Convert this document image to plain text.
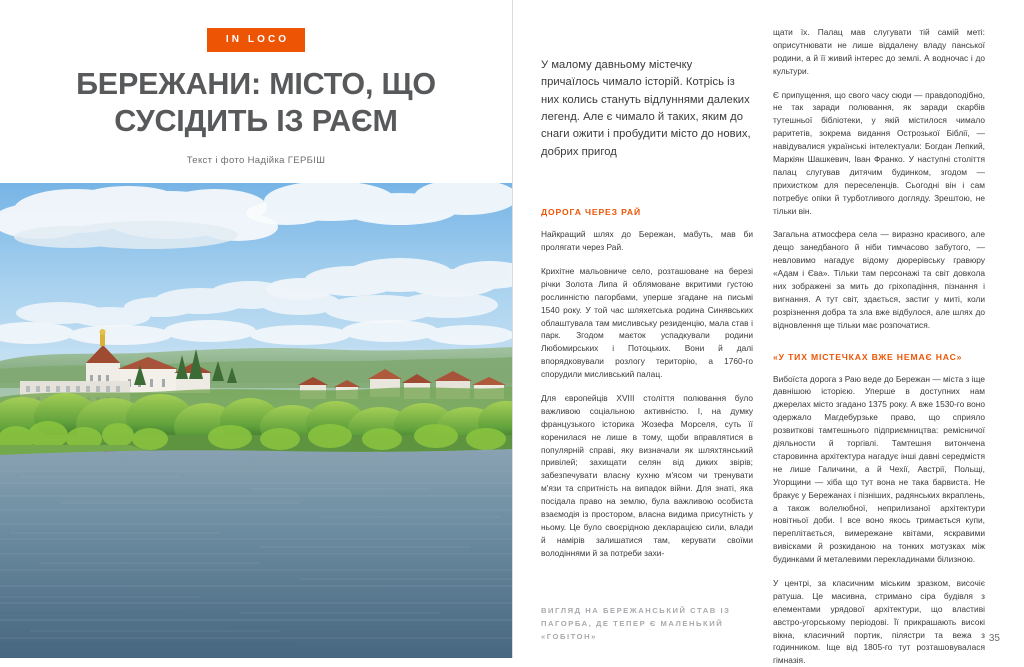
IN LOCO
БЕРЕЖАНИ: МІСТО, ЩО СУСІДИТЬ ІЗ РАЄМ
Текст і фото Надійка ГЕРБІШ
У малому давньому містечку причаїлось чимало історій. Котрісь із них колись стануть відлуннями далеких легенд. Але є чимало й таких, яким до снаги ожити і пробудити місто до нових, добрих пригод
ДОРОГА ЧЕРЕЗ РАЙ

Найкращий шлях до Бережан, мабуть, мав би пролягати через Рай.

Крихітне мальовниче село, розташоване на березі річки Золота Липа й облямоване вкритими густою рослинністю пагорбами, уперше згадане на письмі 1540 року. У той час шляхетська родина Синявських облаштувала там мисливську резиденцію, мала став і парк. Згодом маєток успадкували родини Любомирських і Потоцьких. Вони й далі впорядковували розлогу територію, а 1760-го спорудили мисливський палац.

Для європейців XVIII століття полювання було важливою соціальною активністю. І, на думку французького історика Жозефа Морселя, суть її коренилася не лише в тому, щоби вправлятися в популярній справі, яку визначали як шляхтянський привілей; захищати селян від диких звірів; забезпечувати власну кухню м'ясом чи тренувати м'язи та спритність на випадок війни. Для знаті, яка посідала право на землю, була важливою особиста взаємодія із простором, власна видима присутність у ньому. Це було своєрідною декларацією сили, влади й намірів залишатися там, керувати своїми володіннями й за потреби захи-

ВИГЛЯД НА БЕРЕЖАНСЬКИЙ СТАВ ІЗ ПАГОРБА, ДЕ ТЕПЕР Є МАЛЕНЬКИЙ «ГОБІТОН»

щати їх. Палац мав слугувати тій самій меті: оприсутнювати не лише віддалену владу панської родини, а й її живий інтерес до землі. А водночас і до культури.

Є припущення, що свого часу сюди — правдоподібно, не так заради полювання, як заради скарбів тутешньої бібліотеки, у якій містилося чимало раритетів, зокрема видання Острозької Біблії, — навідувалися українські інтелектуали: Богдан Лепкий, Маркіян Шашкевич, Іван Франко. У наступні століття палац слугував дитячим будинком, згодом — прихистком для переселенців. Сьогодні він і сам потребує опіки й турботливого догляду. Зрештою, не тільки він.

Загальна атмосфера села — виразно красивого, але дещо занедбаного й ніби тимчасово забутого, — невловимо нагадує відому дюрерівську гравюру «Адам і Єва». Тільки там персонажі та світ довкола них зображені за мить до гріхопадіння, пізнання і вигнання. А тут світ, здається, застиг у миті, коли розрізнення добра та зла вже відбулося, але шлях до відновлення ще тільки має розпочатися.

«У ТИХ МІСТЕЧКАХ ВЖЕ НЕМАЄ НАС»

Вибоїста дорога з Раю веде до Бережан — міста з іще давнішою історією. Уперше в доступних нам джерелах місто згадано 1375 року. А вже 1530-го воно одержало Магдебурзьке право, що сприяло розвиткові тамтешнього підприємництва: ремісничої діяльности й торгівлі. Тамтешня витончена старовинна архітектура нагадує інші давні середмістя не лише Галичини, а й Чехії, Австрії, Польщі, Угорщини — хіба що тут вона не така барвиста. Не бракує у Бережанах і пізніших, радянських вкраплень, а також волелюбної, неприлизаної архітектури новітньої доби. І все воно якось тримається купи, переплітається, вимережане квітами, яскравими вивісками й розкиданою на тонких мотузках між будинками й металевими перекладинами білизною.

У центрі, за класичним міським зразком, височіє ратуша. Це масивна, стримано сіра будівля з елементами урядової архітектури, що властиві австро-угорському періодові. Її прикрашають високі вікна, класичний портик, пілястри та вежа з годинником. Іще від 1805-го тут розташовувалася гімназія.

35
